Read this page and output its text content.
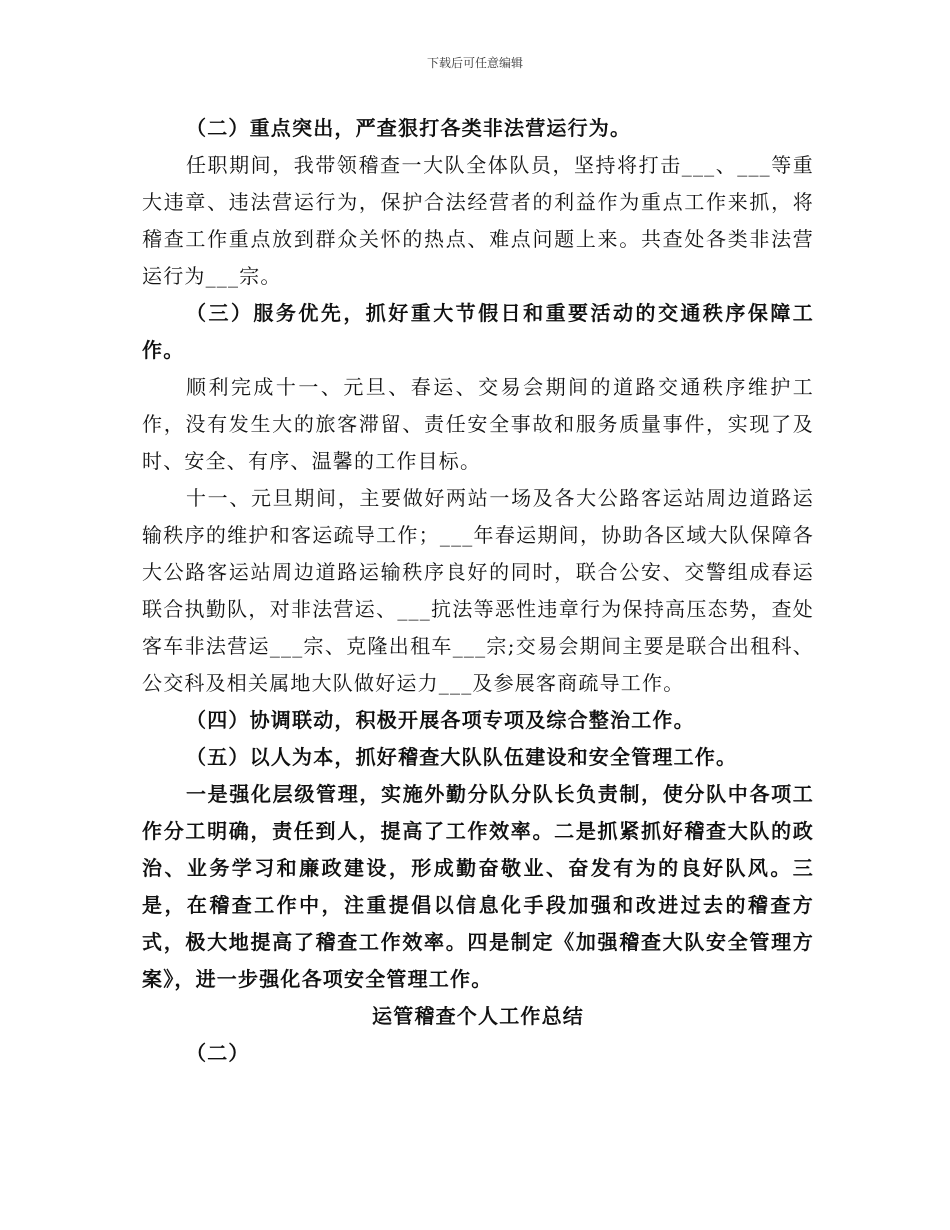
下载后可任意编辑

（二）重点突出，严查狠打各类非法营运行为。

任职期间，我带领稽查一大队全体队员，坚持将打击___、___等重大违章、违法营运行为，保护合法经营者的利益作为重点工作来抓，将稽查工作重点放到群众关怀的热点、难点问题上来。共查处各类非法营运行为___宗。

（三）服务优先，抓好重大节假日和重要活动的交通秩序保障工作。

顺利完成十一、元旦、春运、交易会期间的道路交通秩序维护工作，没有发生大的旅客滞留、责任安全事故和服务质量事件，实现了及时、安全、有序、温馨的工作目标。

十一、元旦期间，主要做好两站一场及各大公路客运站周边道路运输秩序的维护和客运疏导工作；___年春运期间，协助各区域大队保障各大公路客运站周边道路运输秩序良好的同时，联合公安、交警组成春运联合执勤队，对非法营运、___抗法等恶性违章行为保持高压态势，查处客车非法营运___宗、克隆出租车___宗;交易会期间主要是联合出租科、公交科及相关属地大队做好运力___及参展客商疏导工作。

（四）协调联动，积极开展各项专项及综合整治工作。

（五）以人为本，抓好稽查大队队伍建设和安全管理工作。

一是强化层级管理，实施外勤分队分队长负责制，使分队中各项工作分工明确，责任到人，提高了工作效率。二是抓紧抓好稽查大队的政治、业务学习和廉政建设，形成勤奋敬业、奋发有为的良好队风。三是，在稽查工作中，注重提倡以信息化手段加强和改进过去的稽查方式，极大地提高了稽查工作效率。四是制定《加强稽查大队安全管理方案》，进一步强化各项安全管理工作。

运管稽查个人工作总结

（二）
